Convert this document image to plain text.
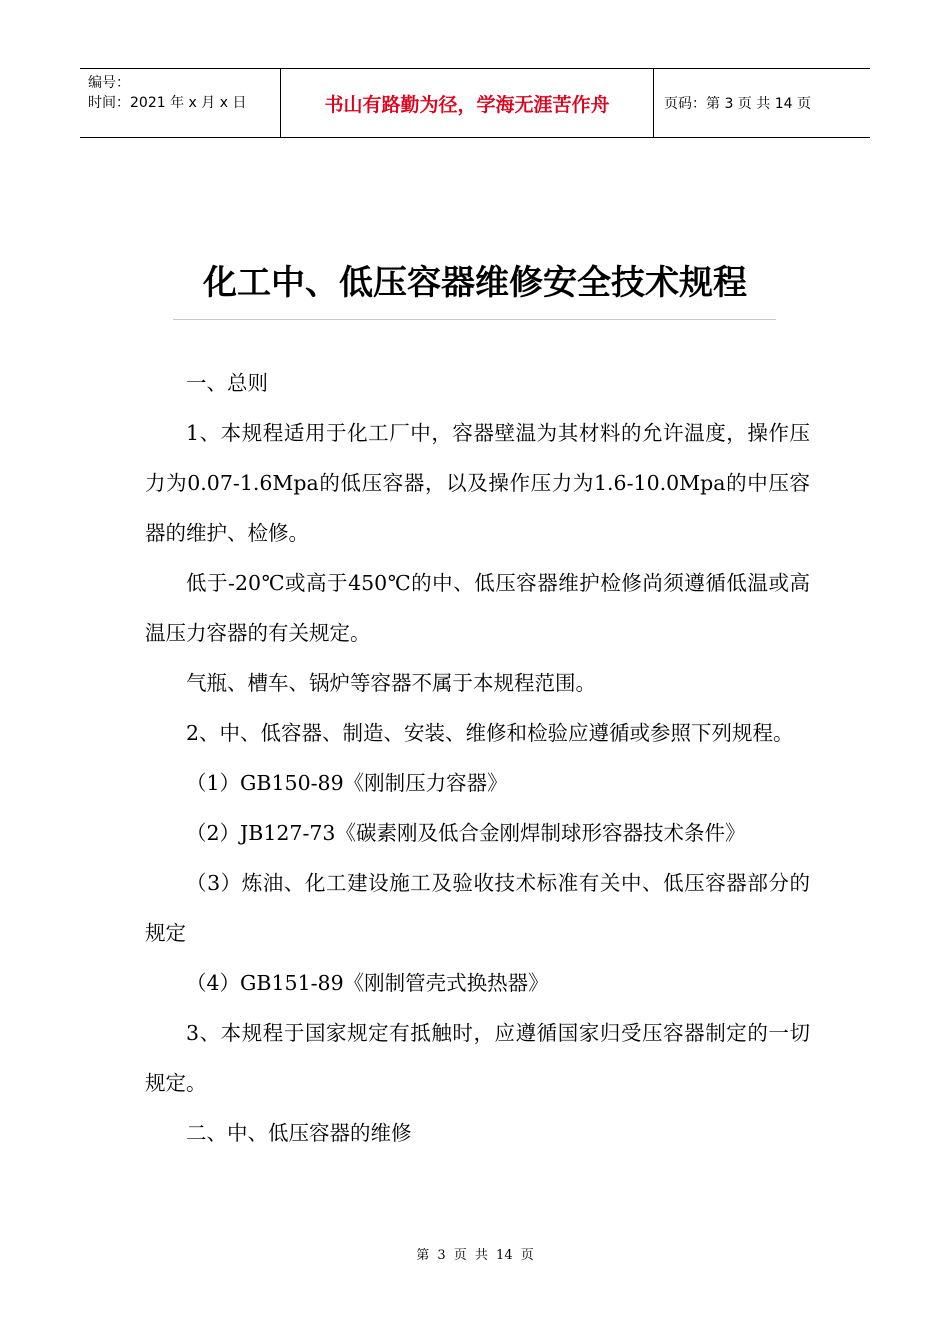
编号：
时间：2021 年 x 月 x 日	书山有路勤为径，学海无涯苦作舟	页码：第 3 页 共 14 页
化工中、低压容器维修安全技术规程

一、总则

1、本规程适用于化工厂中，容器壁温为其材料的允许温度，操作压力为0.07-1.6Mpa的低压容器，以及操作压力为1.6-10.0Mpa的中压容器的维护、检修。

低于-20℃或高于450℃的中、低压容器维护检修尚须遵循低温或高温压力容器的有关规定。

气瓶、槽车、锅炉等容器不属于本规程范围。

2、中、低容器、制造、安装、维修和检验应遵循或参照下列规程。

（1）GB150-89《刚制压力容器》

（2）JB127-73《碳素刚及低合金刚焊制球形容器技术条件》

（3）炼油、化工建设施工及验收技术标准有关中、低压容器部分的规定

（4）GB151-89《刚制管壳式换热器》

3、本规程于国家规定有抵触时，应遵循国家归受压容器制定的一切规定。

二、中、低压容器的维修

第 3 页 共 14 页
